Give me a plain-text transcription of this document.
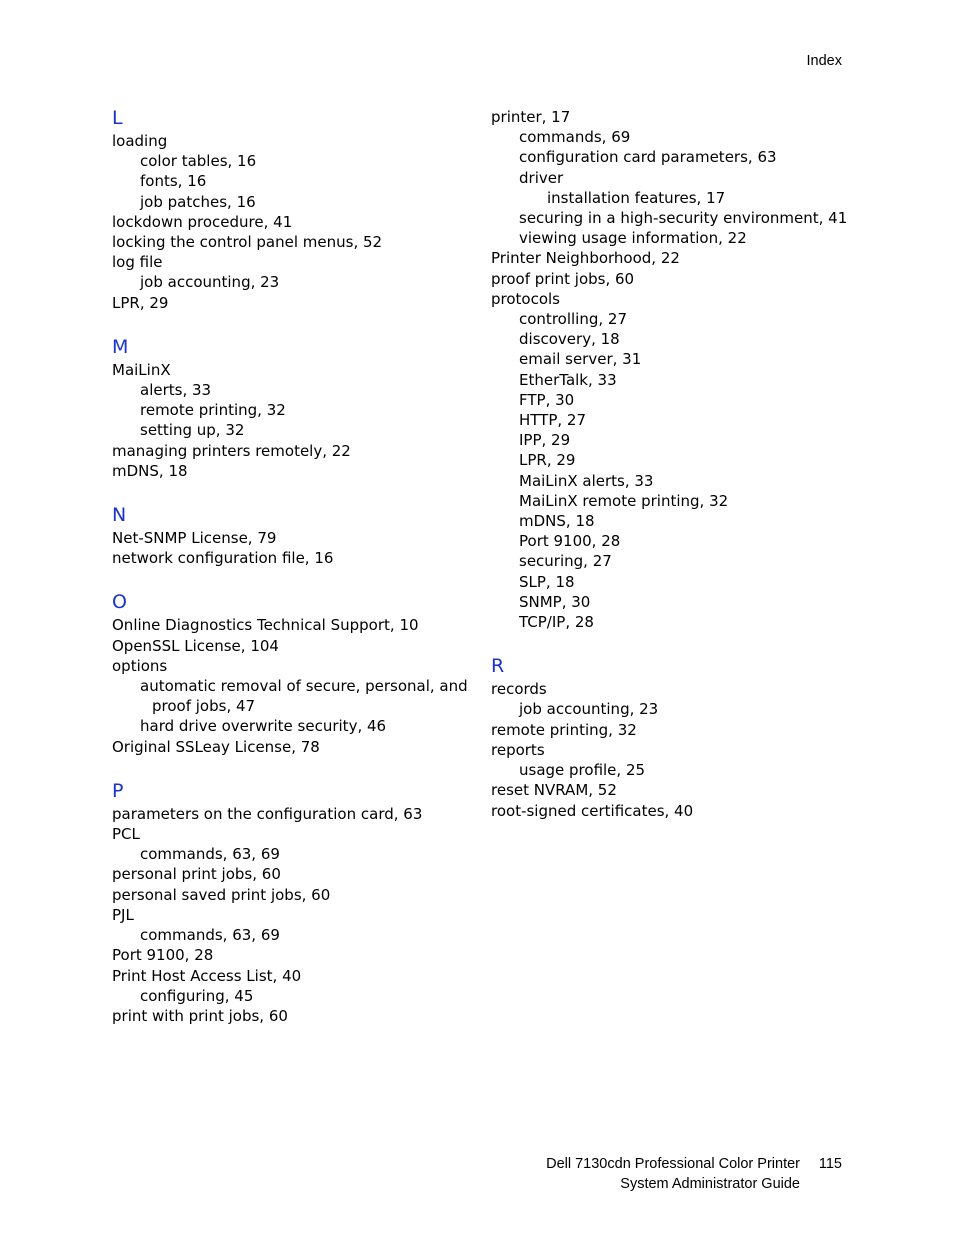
Index
L
loading
color tables, 16
fonts, 16
job patches, 16
lockdown procedure, 41
locking the control panel menus, 52
log file
job accounting, 23
LPR, 29
M
MaiLinX
alerts, 33
remote printing, 32
setting up, 32
managing printers remotely, 22
mDNS, 18
N
Net-SNMP License, 79
network configuration file, 16
O
Online Diagnostics Technical Support, 10
OpenSSL License, 104
options
automatic removal of secure, personal, and
proof jobs, 47
hard drive overwrite security, 46
Original SSLeay License, 78
P
parameters on the configuration card, 63
PCL
commands, 63, 69
personal print jobs, 60
personal saved print jobs, 60
PJL
commands, 63, 69
Port 9100, 28
Print Host Access List, 40
configuring, 45
print with print jobs, 60
printer, 17
commands, 69
configuration card parameters, 63
driver
installation features, 17
securing in a high-security environment, 41
viewing usage information, 22
Printer Neighborhood, 22
proof print jobs, 60
protocols
controlling, 27
discovery, 18
email server, 31
EtherTalk, 33
FTP, 30
HTTP, 27
IPP, 29
LPR, 29
MaiLinX alerts, 33
MaiLinX remote printing, 32
mDNS, 18
Port 9100, 28
securing, 27
SLP, 18
SNMP, 30
TCP/IP, 28
R
records
job accounting, 23
remote printing, 32
reports
usage profile, 25
reset NVRAM, 52
root-signed certificates, 40
Dell 7130cdn Professional Color Printer	115
System Administrator Guide
